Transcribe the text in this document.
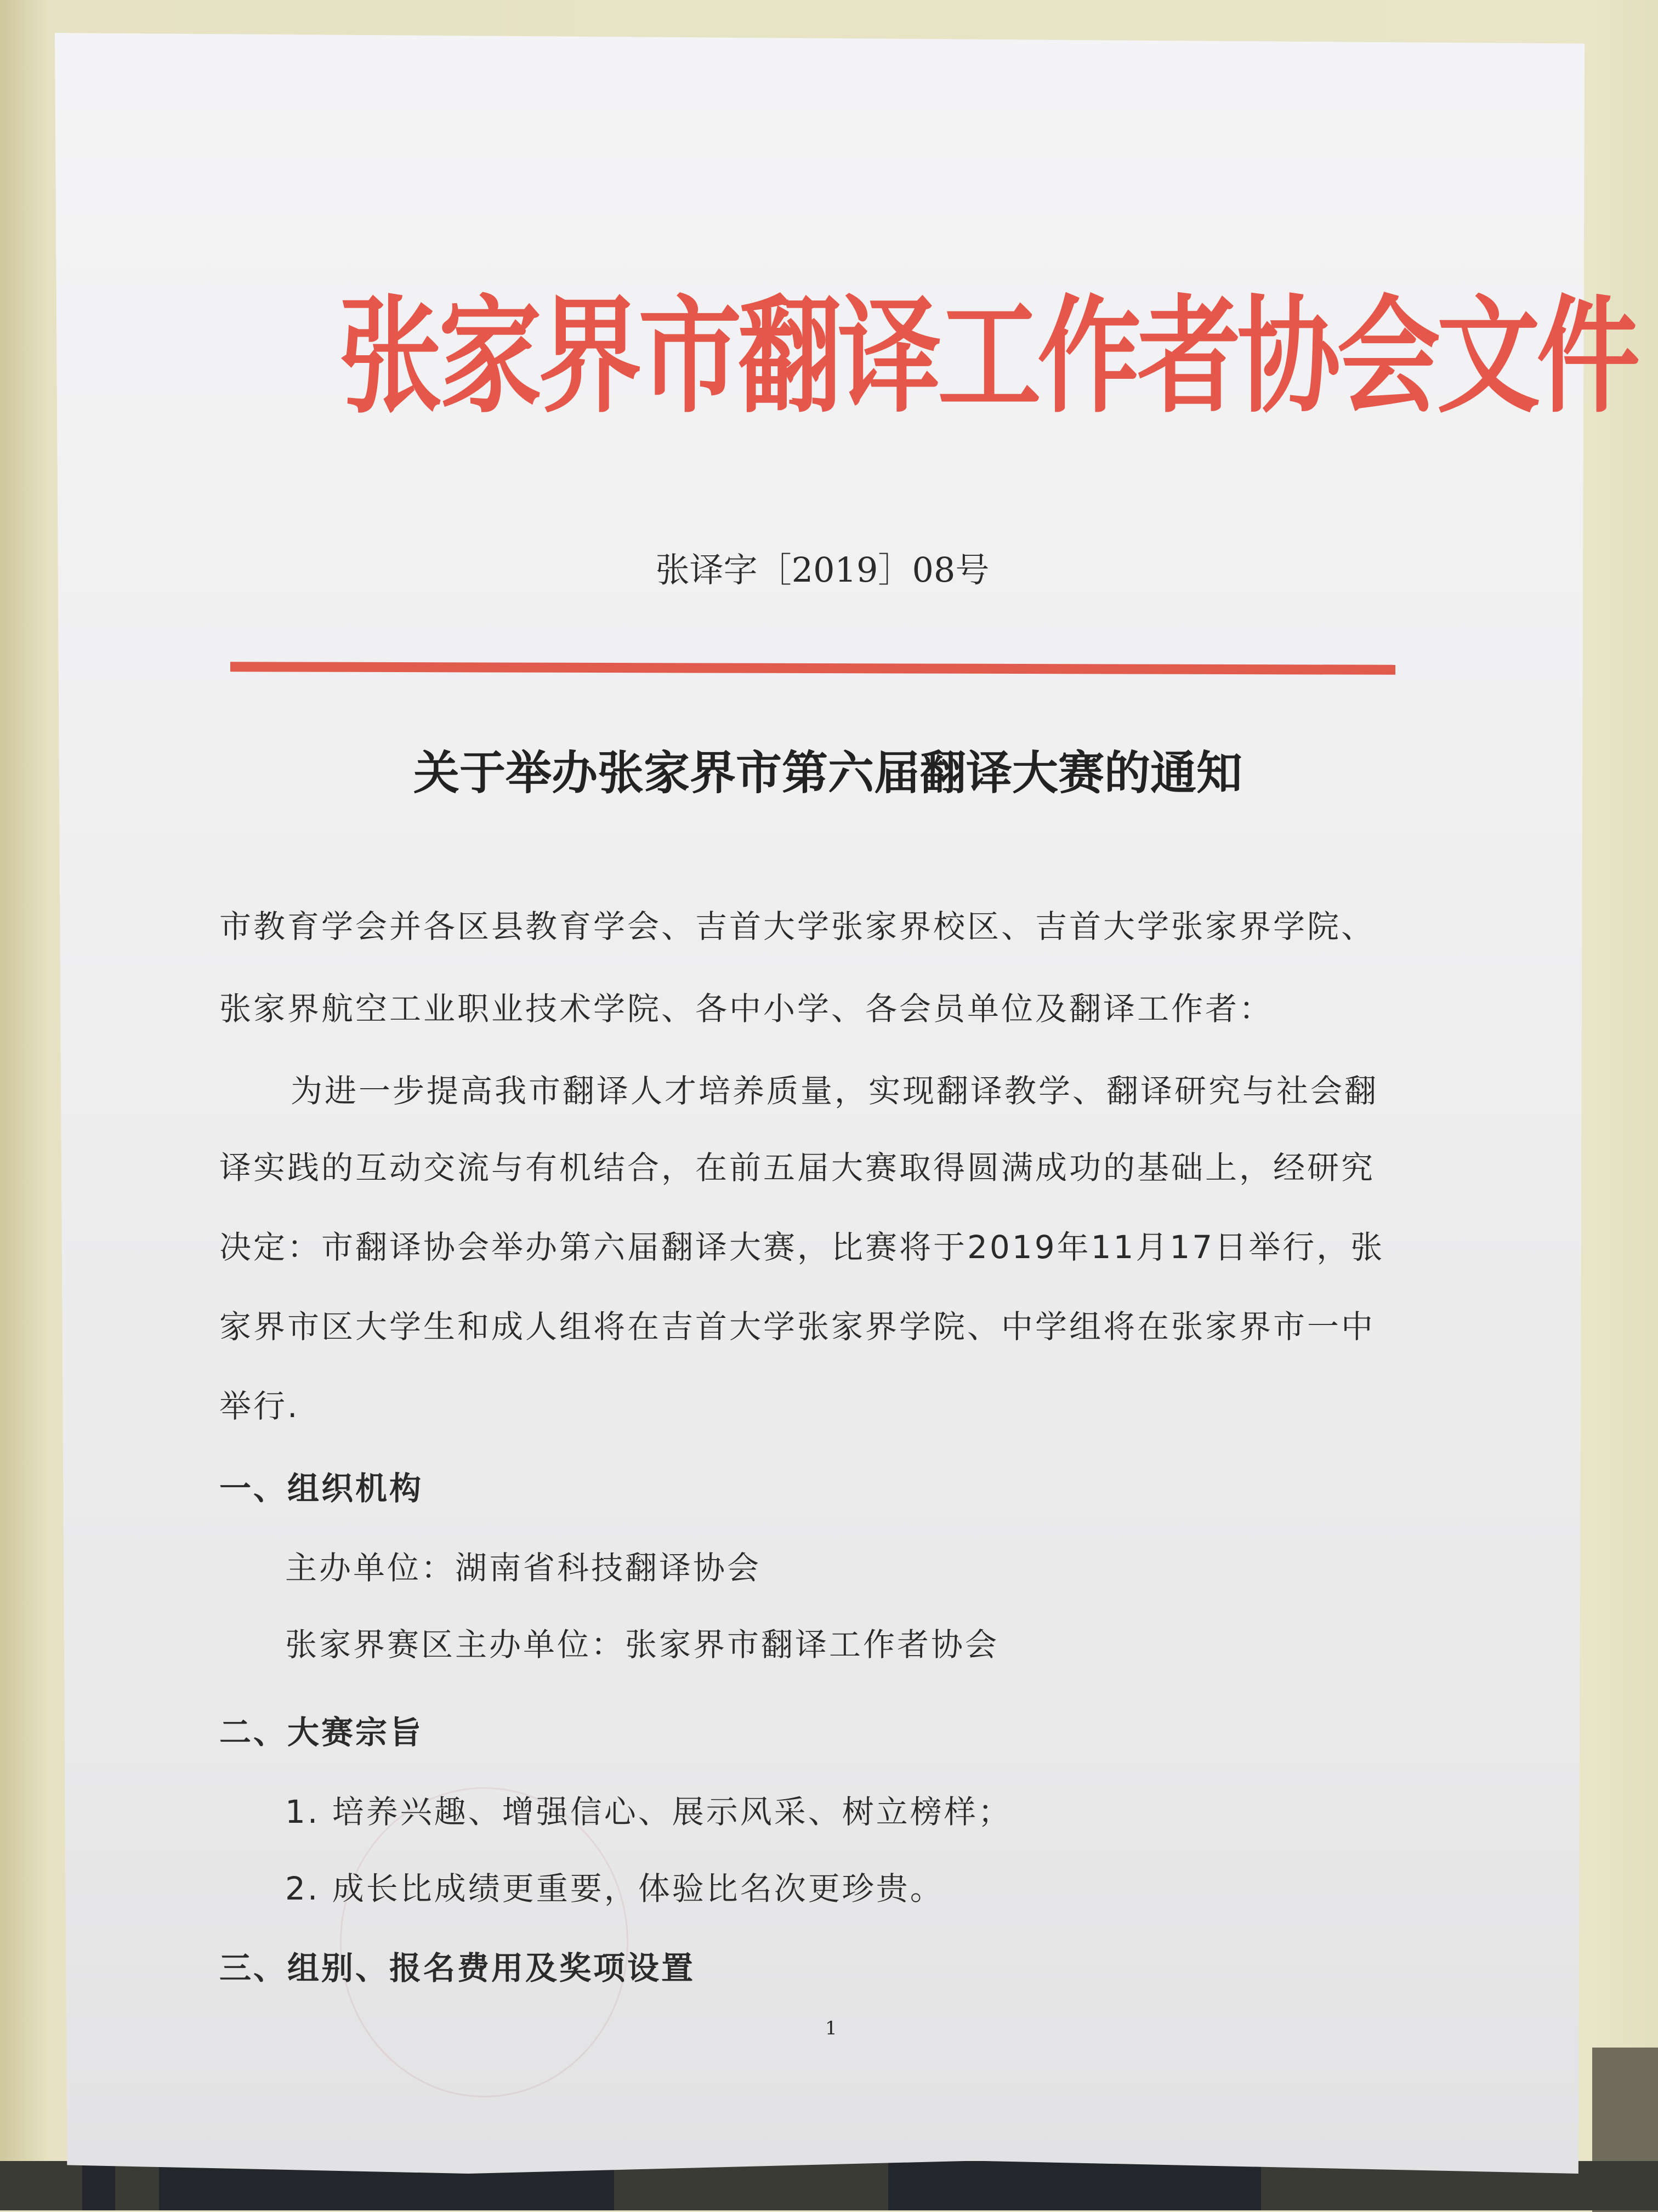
张家界市翻译工作者协会文件
张译字［2019］08号
关于举办张家界市第六届翻译大赛的通知
市教育学会并各区县教育学会、吉首大学张家界校区、吉首大学张家界学院、
张家界航空工业职业技术学院、各中小学、各会员单位及翻译工作者：
为进一步提高我市翻译人才培养质量，实现翻译教学、翻译研究与社会翻
译实践的互动交流与有机结合，在前五届大赛取得圆满成功的基础上，经研究
决定：市翻译协会举办第六届翻译大赛，比赛将于2019年11月17日举行，张
家界市区大学生和成人组将在吉首大学张家界学院、中学组将在张家界市一中
举行.
一、组织机构
主办单位：湖南省科技翻译协会
张家界赛区主办单位：张家界市翻译工作者协会
二、大赛宗旨
1. 培养兴趣、增强信心、展示风采、树立榜样；
2. 成长比成绩更重要，体验比名次更珍贵。
三、组别、报名费用及奖项设置
1
